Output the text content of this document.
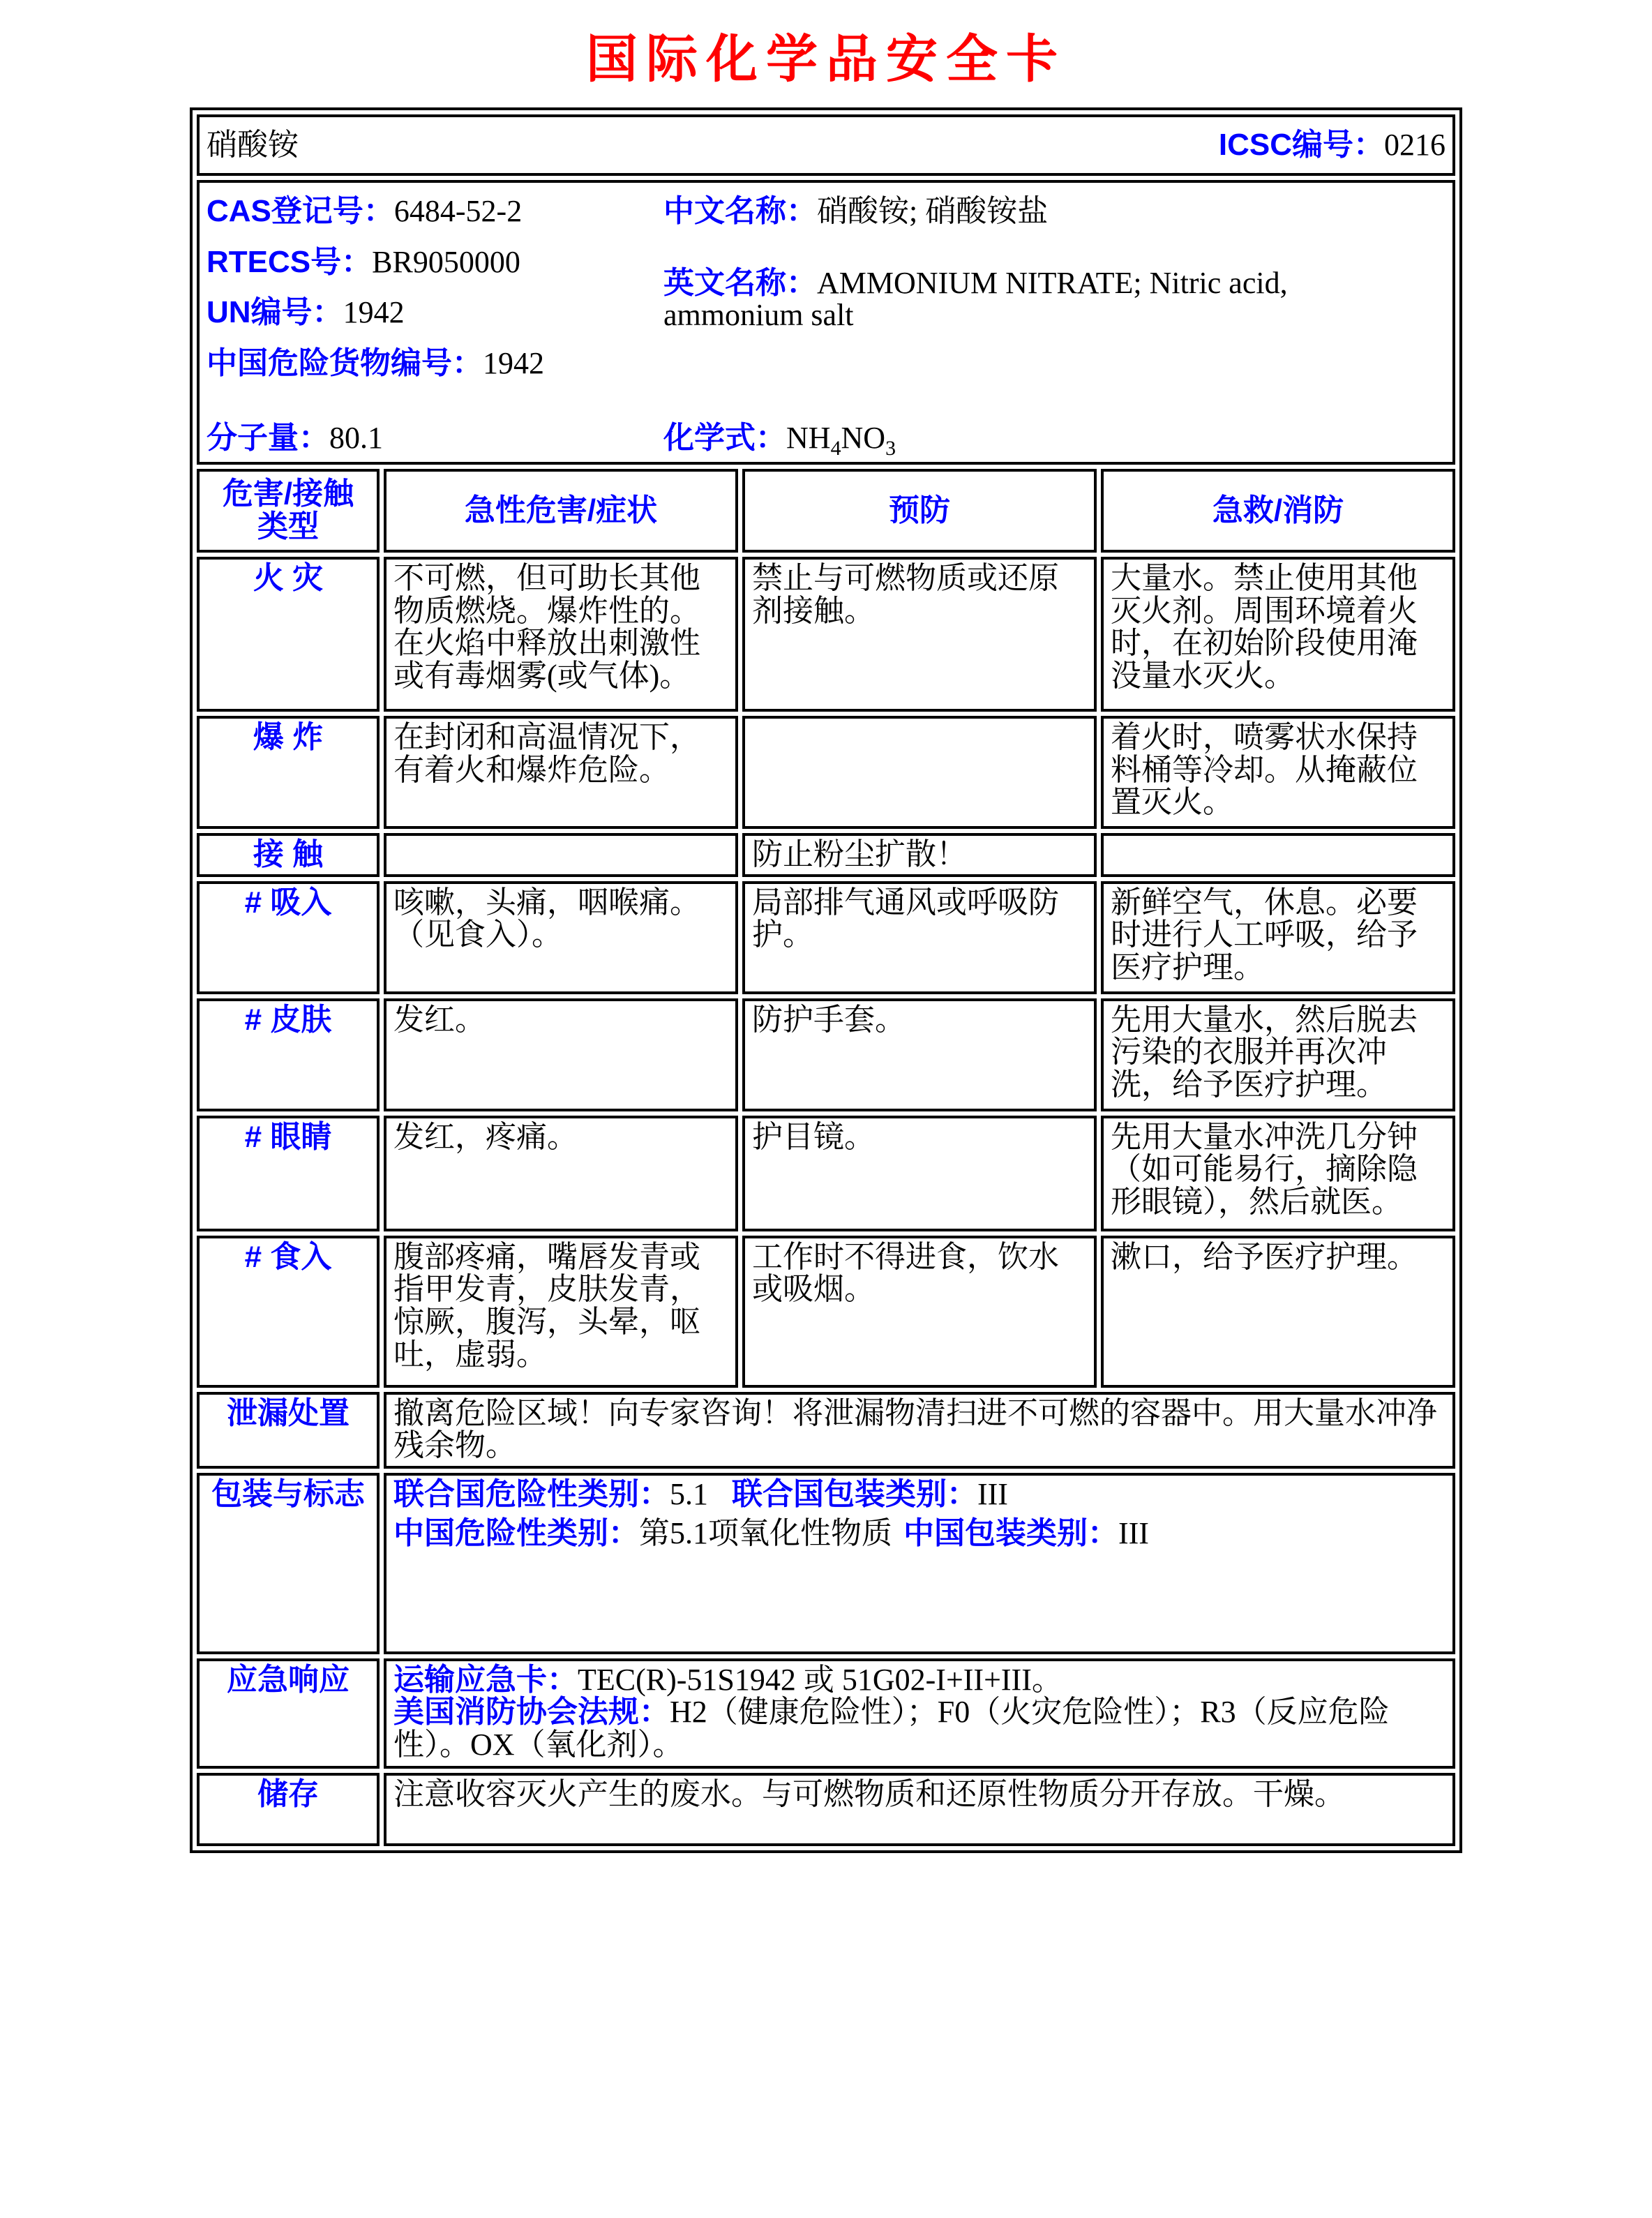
国际化学品安全卡
硝酸铵 ICSC编号：0216			

CAS登记号：6484-52-2
RTECS号：BR9050000
UN编号：1942
中国危险货物编号：1942
中文名称：硝酸铵; 硝酸铵盐
英文名称：AMMONIUM NITRATE; Nitric acid, ammonium salt
分子量：80.1	化学式：$NH_4NO_3$

危害/接触
类型	急性危害/症状	预防	急救/消防
火 灾	不可燃，但可助长其他物质燃烧。爆炸性的。在火焰中释放出刺激性或有毒烟雾(或气体)。	禁止与可燃物质或还原剂接触。	大量水。禁止使用其他灭火剂。周围环境着火时，在初始阶段使用淹没量水灭火。
爆 炸	在封闭和高温情况下，有着火和爆炸危险。		着火时，喷雾状水保持料桶等冷却。从掩蔽位置灭火。
接 触		防止粉尘扩散！	
# 吸入	咳嗽，头痛，咽喉痛。（见食入）。	局部排气通风或呼吸防护。	新鲜空气，休息。必要时进行人工呼吸，给予医疗护理。
# 皮肤	发红。	防护手套。	先用大量水，然后脱去污染的衣服并再次冲洗，给予医疗护理。
# 眼睛	发红，疼痛。	护目镜。	先用大量水冲洗几分钟（如可能易行，摘除隐形眼镜），然后就医。
# 食入	腹部疼痛，嘴唇发青或指甲发青，皮肤发青，惊厥，腹泻，头晕，呕吐，虚弱。	工作时不得进食，饮水或吸烟。	漱口，给予医疗护理。
泄漏处置	撤离危险区域！向专家咨询！将泄漏物清扫进不可燃的容器中。用大量水冲净残余物。		
包装与标志	联合国危险性类别：5.1 联合国包装类别：III
中国危险性类别：第5.1项氧化性物质 中国包装类别：III		

应急响应	运输应急卡：TEC(R)-51S1942 或 51G02-I+II+III。
美国消防协会法规：H2（健康危险性）；F0（火灾危险性）；R3（反应危险性）。OX（氧化剂）。		
储存	注意收容灭火产生的废水。与可燃物质和还原性物质分开存放。干燥。		
